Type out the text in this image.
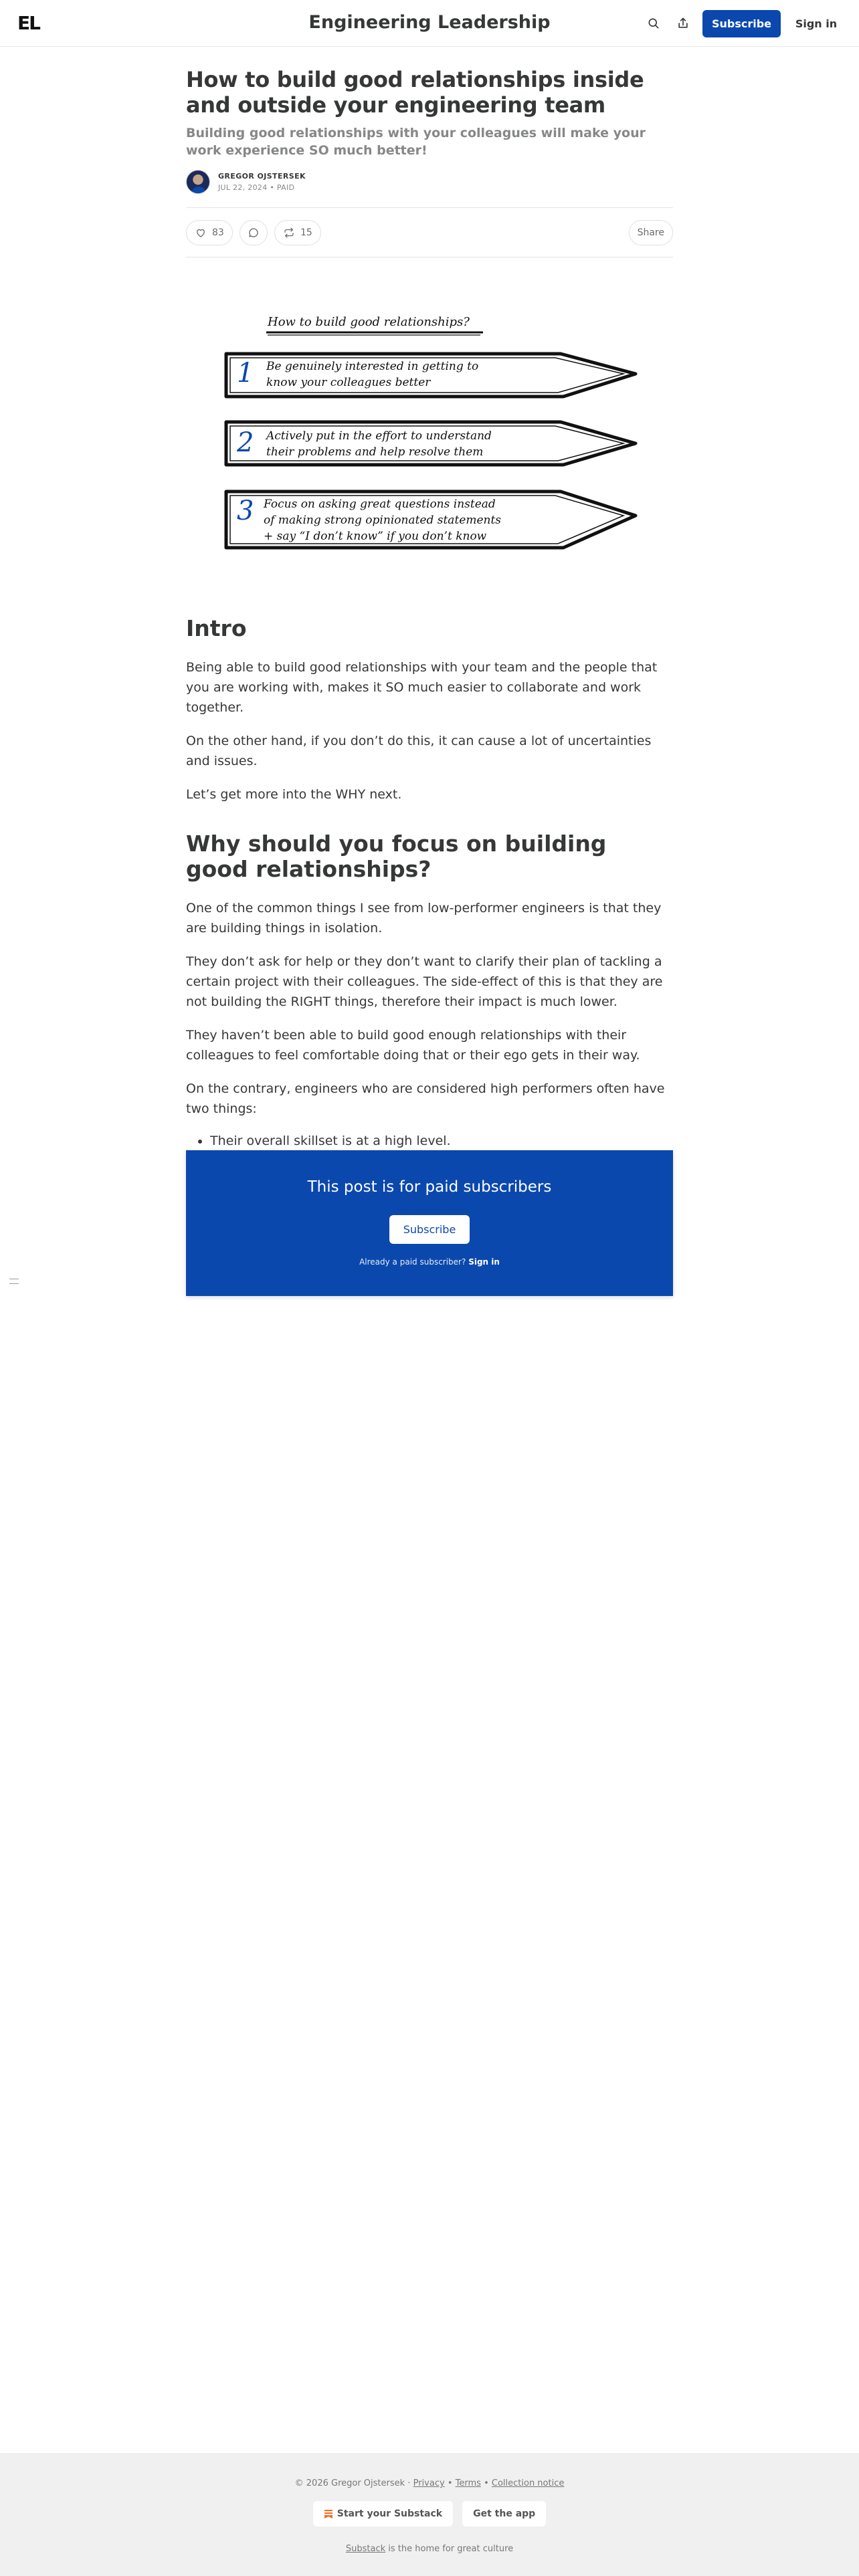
EL	Engineering Leadership	Subscribe	Sign in
How to build good relationships inside and outside your engineering team
Building good relationships with your colleagues will make your work experience SO much better!
GREGOR OJSTERSEK
JUL 22, 2024 • PAID
83	15	Share
How to build good relationships?
1 Be genuinely interested in getting to
know your colleagues better
2 Actively put in the effort to understand
their problems and help resolve them
3 Focus on asking great questions instead
of making strong opinionated statements
+ say “I don’t know” if you don’t know
Intro

Being able to build good relationships with your team and the people that you are working with, makes it SO much easier to collaborate and work together.

On the other hand, if you don’t do this, it can cause a lot of uncertainties and issues.

Let’s get more into the WHY next.

Why should you focus on building good relationships?

One of the common things I see from low-performer engineers is that they are building things in isolation.

They don’t ask for help or they don’t want to clarify their plan of tackling a certain project with their colleagues. The side-effect of this is that they are not building the RIGHT things, therefore their impact is much lower.

They haven’t been able to build good enough relationships with their colleagues to feel comfortable doing that or their ego gets in their way.

On the contrary, engineers who are considered high performers often have two things:

• Their overall skillset is at a high level.
•
This post is for paid subscribers
Subscribe
Already a paid subscriber? Sign in
© 2026 Gregor Ojstersek · Privacy • Terms • Collection notice
Start your Substack	Get the app
Substack is the home for great culture
